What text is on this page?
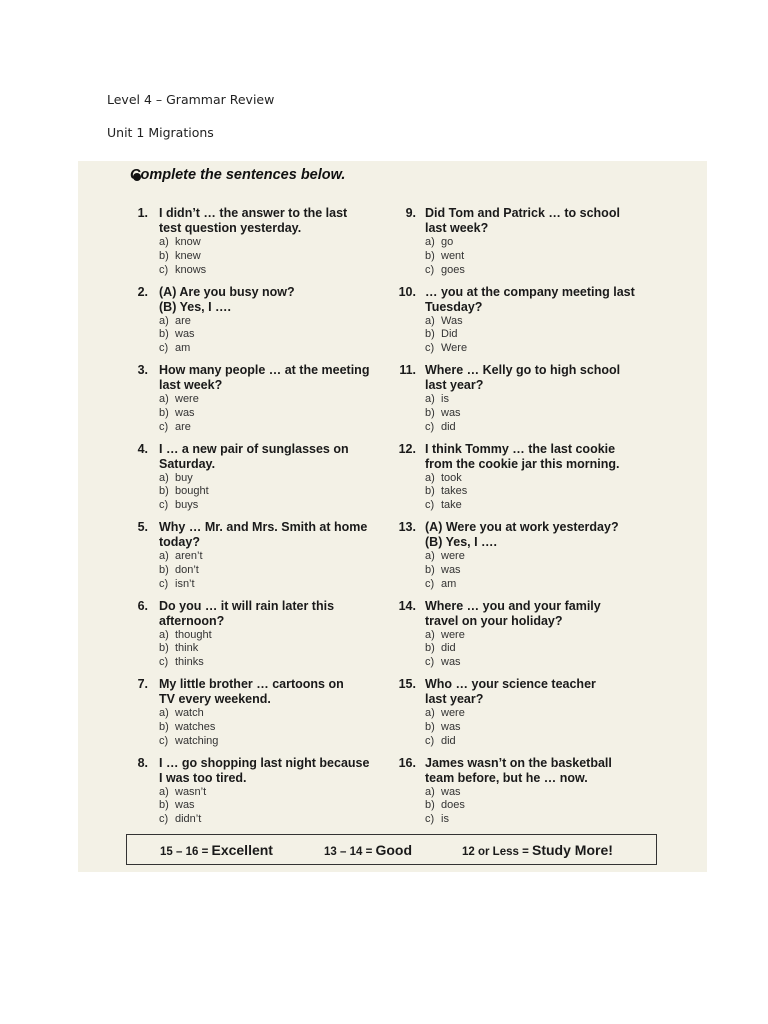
Level 4 – Grammar Review
Unit 1 Migrations
Complete the sentences below.
1. I didn’t … the answer to the last

test question yesterday.

a) know

b) knew

c) knows

2. (A) Are you busy now?

(B) Yes, I ….

a) are

b) was

c) am

3. How many people … at the meeting

last week?

a) were

b) was

c) are

4. I … a new pair of sunglasses on

Saturday.

a) buy

b) bought

c) buys

5. Why … Mr. and Mrs. Smith at home

today?

a) aren’t

b) don’t

c) isn’t

6. Do you … it will rain later this

afternoon?

a) thought

b) think

c) thinks

7. My little brother … cartoons on

TV every weekend.

a) watch

b) watches

c) watching

8. I … go shopping last night because

I was too tired.

a) wasn’t

b) was

c) didn’t

9. Did Tom and Patrick … to school

last week?

a) go

b) went

c) goes

10. … you at the company meeting last

Tuesday?

a) Was

b) Did

c) Were

11. Where … Kelly go to high school

last year?

a) is

b) was

c) did

12. I think Tommy … the last cookie

from the cookie jar this morning.

a) took

b) takes

c) take

13. (A) Were you at work yesterday?

(B) Yes, I ….

a) were

b) was

c) am

14. Where … you and your family

travel on your holiday?

a) were

b) did

c) was

15. Who … your science teacher

last year?

a) were

b) was

c) did

16. James wasn’t on the basketball

team before, but he … now.

a) was

b) does

c) is

15 – 16 = Excellent	13 – 14 = Good	12 or Less = Study More!
